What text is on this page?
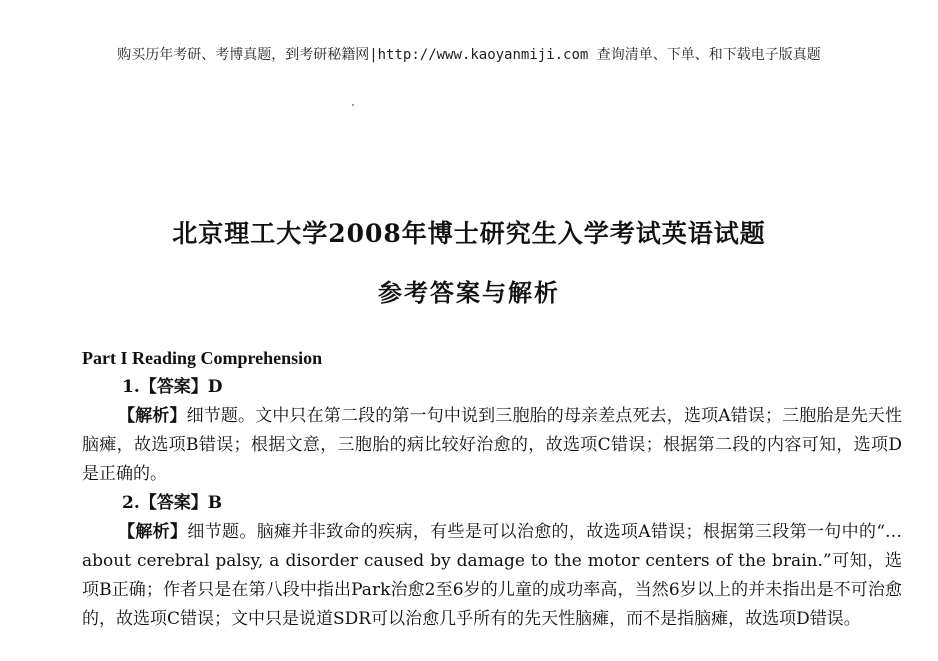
购买历年考研、考博真题，到考研秘籍网|http://www.kaoyanmiji.com 查询清单、下单、和下载电子版真题
北京理工大学2008年博士研究生入学考试英语试题
参考答案与解析

Part I Reading Comprehension

1.【答案】D

【解析】细节题。文中只在第二段的第一句中说到三胞胎的母亲差点死去，选项A错误；三胞胎是先天性脑瘫，故选项B错误；根据文意，三胞胎的病比较好治愈的，故选项C错误；根据第二段的内容可知，选项D是正确的。

2.【答案】B

【解析】细节题。脑瘫并非致命的疾病，有些是可以治愈的，故选项A错误；根据第三段第一句中的“…about cerebral palsy, a disorder caused by damage to the motor centers of the brain.”可知，选项B正确；作者只是在第八段中指出Park治愈2至6岁的儿童的成功率高，当然6岁以上的并未指出是不可治愈的，故选项C错误；文中只是说道SDR可以治愈几乎所有的先天性脑瘫，而不是指脑瘫，故选项D错误。
